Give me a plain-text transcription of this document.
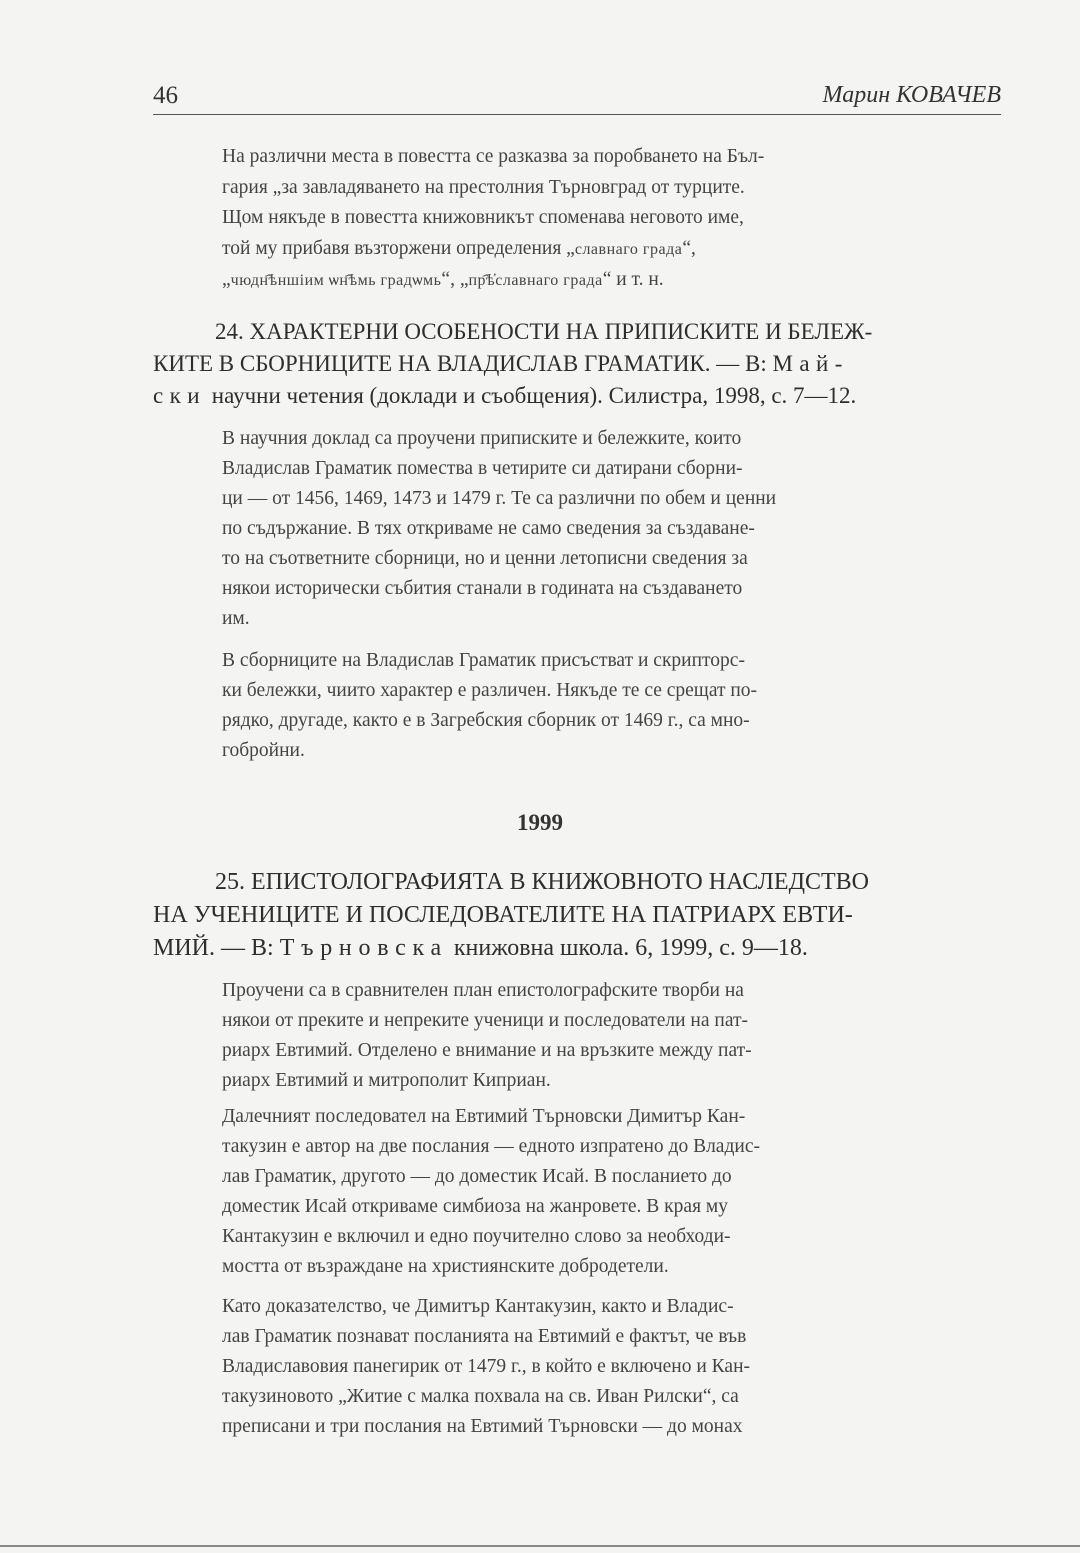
46	Марин КОВАЧЕВ
На различни места в повестта се разказва за поробването на Бъл-
гария „за завладяването на престолния Търновград от турците.
Щом някъде в повестта книжовникът споменава неговото име,
той му прибавя възторжени определения „славнаго града“,
„чюдн҄ѣншіим ѡн҄ѣмь градѡмь“, „пр҄ѣ҆славнаго града“ и т. н.
24. ХАРАКТЕРНИ ОСОБЕНОСТИ НА ПРИПИСКИТЕ И БЕЛЕЖ-
КИТЕ В СБОРНИЦИТЕ НА ВЛАДИСЛАВ ГРАМАТИК. — В: Май-
ски научни четения (доклади и съобщения). Силистра, 1998, с. 7—12.
В научния доклад са проучени приписките и бележките, които
Владислав Граматик помества в четирите си датирани сборни-
ци — от 1456, 1469, 1473 и 1479 г. Те са различни по обем и ценни
по съдържание. В тях откриваме не само сведения за създаване-
то на съответните сборници, но и ценни летописни сведения за
някои исторически събития станали в годината на създаването
им.
В сборниците на Владислав Граматик присъстват и скрипторс-
ки бележки, чиито характер е различен. Някъде те се срещат по-
рядко, другаде, както е в Загребския сборник от 1469 г., са мно-
гобройни.
1999
25. ЕПИСТОЛОГРАФИЯТА В КНИЖОВНОТО НАСЛЕДСТВО
НА УЧЕНИЦИТЕ И ПОСЛЕДОВАТЕЛИТЕ НА ПАТРИАРХ ЕВТИ-
МИЙ. — В: Търновска книжовна школа. 6, 1999, с. 9—18.
Проучени са в сравнителен план епистолографските творби на
някои от преките и непреките ученици и последователи на пат-
риарх Евтимий. Отделено е внимание и на връзките между пат-
риарх Евтимий и митрополит Киприан.
Далечният последовател на Евтимий Търновски Димитър Кан-
такузин е автор на две послания — едното изпратено до Владис-
лав Граматик, другото — до доместик Исай. В посланието до
доместик Исай откриваме симбиоза на жанровете. В края му
Кантакузин е включил и едно поучително слово за необходи-
мостта от възраждане на християнските добродетели.
Като доказателство, че Димитър Кантакузин, както и Владис-
лав Граматик познават посланията на Евтимий е фактът, че във
Владиславовия панегирик от 1479 г., в който е включено и Кан-
такузиновото „Житие с малка похвала на св. Иван Рилски“, са
преписани и три послания на Евтимий Търновски — до монах
